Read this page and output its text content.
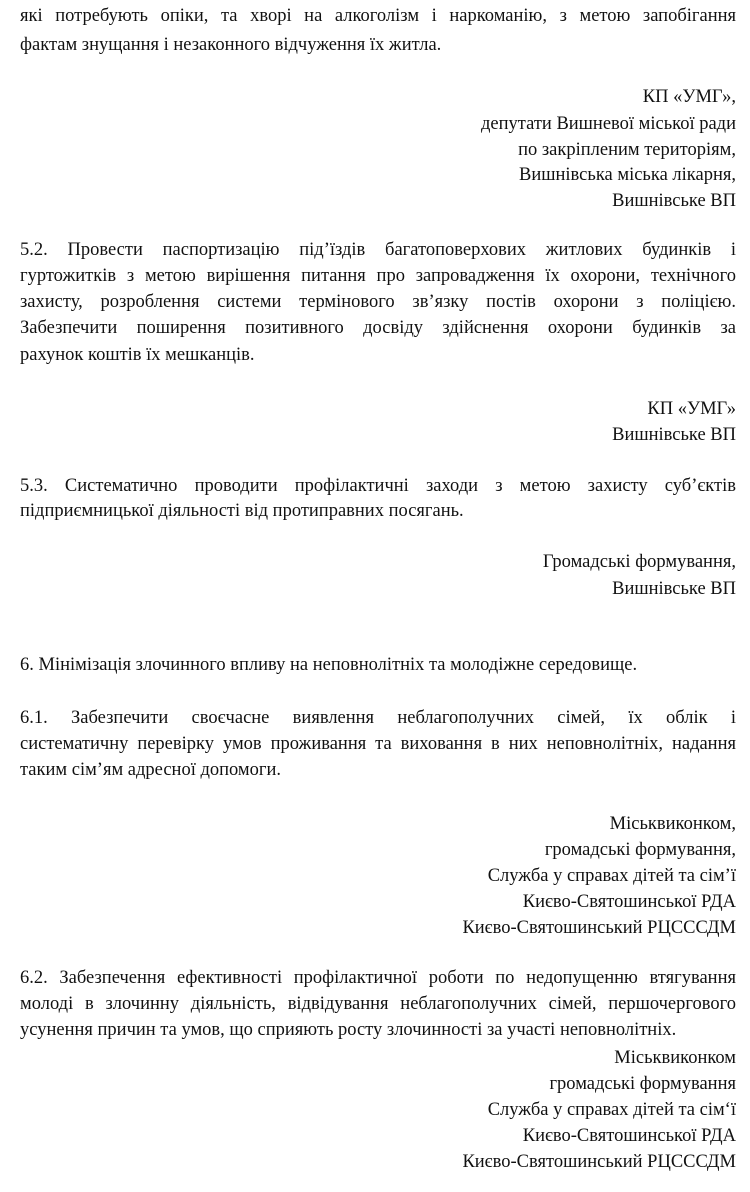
які потребують опіки, та хворі на алкоголізм і наркоманію, з метою запобігання
фактам знущання і незаконного відчуження їх житла.
КП «УМГ»,
депутати Вишневої міської ради
по закріпленим територіям,
Вишнівська міська лікарня,
Вишнівське ВП
5.2. Провести паспортизацію під’їздів багатоповерхових житлових будинків і
гуртожитків з метою вирішення питання про запровадження їх охорони, технічного
захисту, розроблення системи термінового зв’язку постів охорони з поліцією.
Забезпечити поширення позитивного досвіду здійснення охорони будинків за
рахунок коштів їх мешканців.
КП «УМГ»
Вишнівське ВП
5.3. Систематично проводити профілактичні заходи з метою захисту суб’єктів
підприємницької діяльності від протиправних посягань.
Громадські формування,
Вишнівське ВП
6. Мінімізація злочинного впливу на неповнолітніх та молодіжне середовище.
6.1. Забезпечити своєчасне виявлення неблагополучних сімей, їх облік і
систематичну перевірку умов проживання та виховання в них неповнолітніх, надання
таким сім’ям адресної допомоги.
Міськвиконком,
громадські формування,
Служба у справах дітей та сім’ї
Києво-Святошинської РДА
Києво-Святошинський РЦСССДМ
6.2. Забезпечення ефективності профілактичної роботи по недопущенню втягування
молоді в злочинну діяльність, відвідування неблагополучних сімей, першочергового
усунення причин та умов, що сприяють росту злочинності за участі неповнолітніх.
Міськвиконком
громадські формування
Служба у справах дітей та сім‘ї
Києво-Святошинської РДА
Києво-Святошинський РЦСССДМ
